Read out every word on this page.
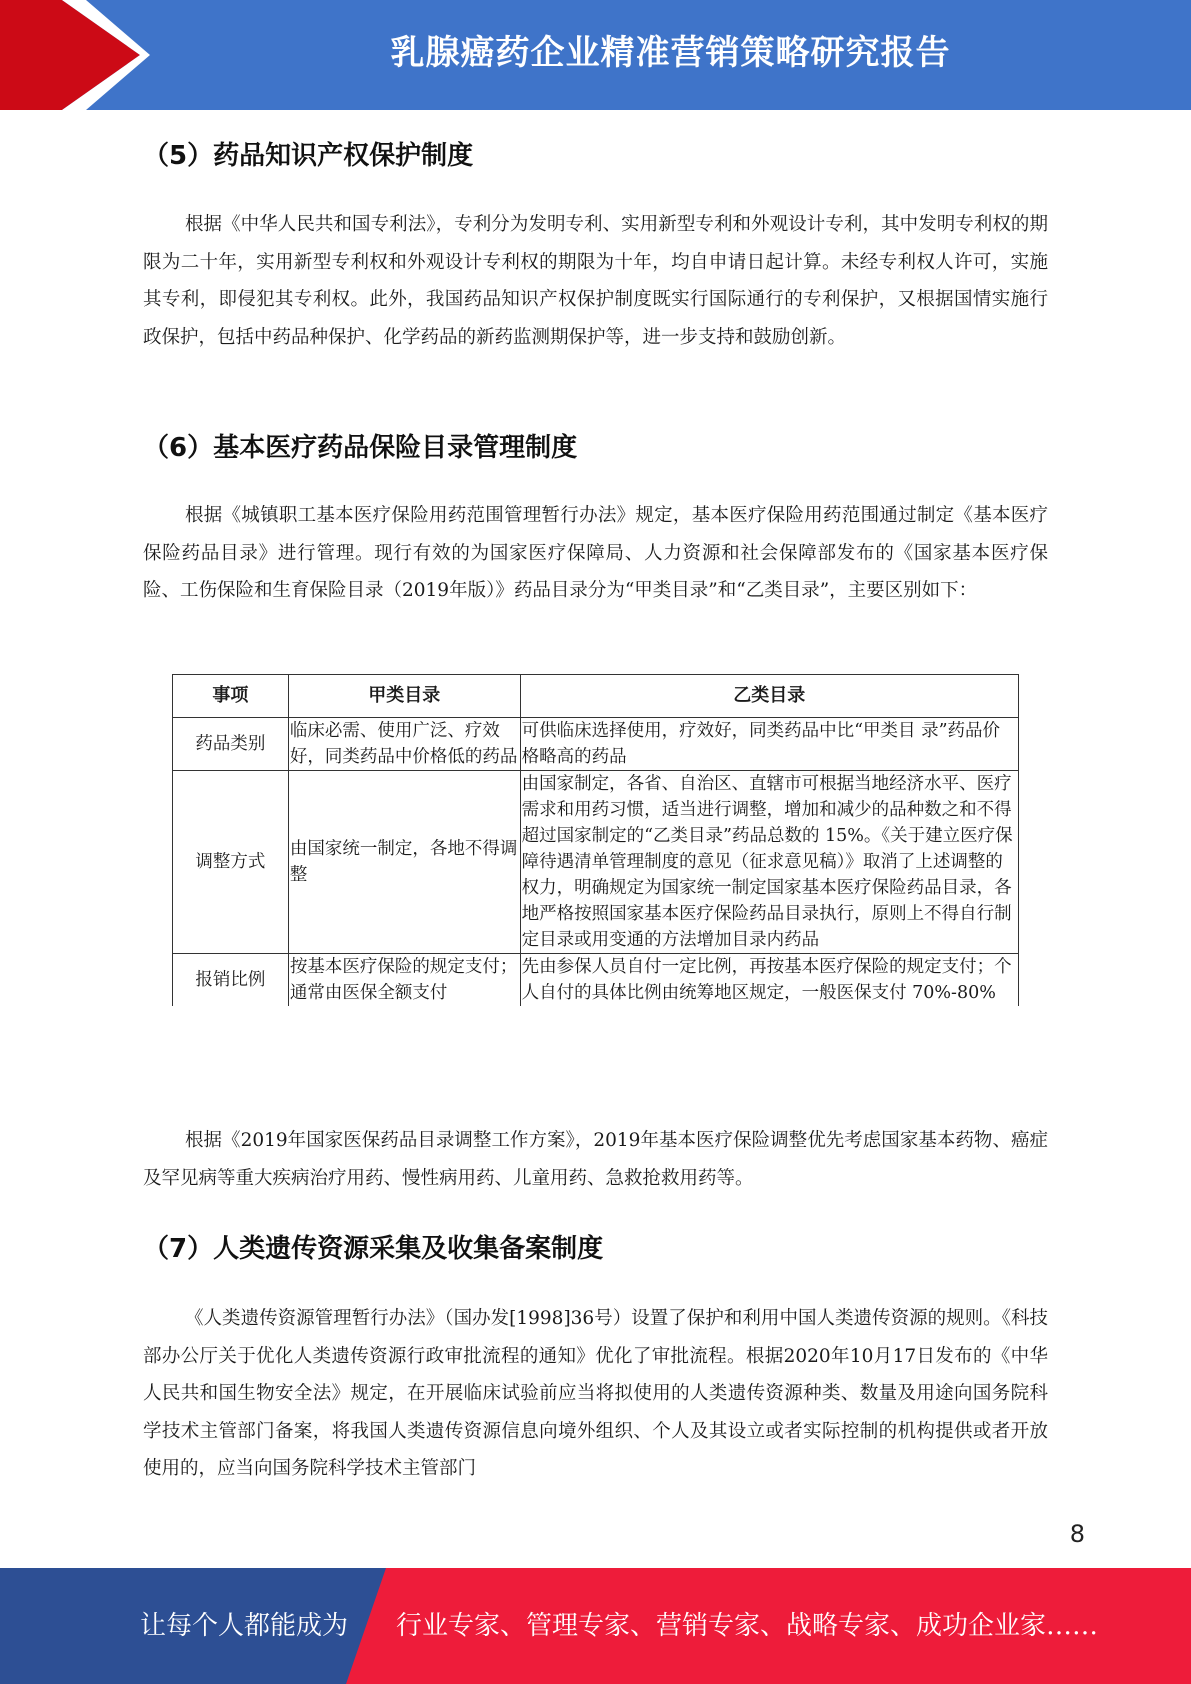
乳腺癌药企业精准营销策略研究报告
（5）药品知识产权保护制度

根据《中华人民共和国专利法》，专利分为发明专利、实用新型专利和外观设计专利，其中发明专利权的期限为二十年，实用新型专利权和外观设计专利权的期限为十年，均自申请日起计算。未经专利权人许可，实施其专利，即侵犯其专利权。此外，我国药品知识产权保护制度既实行国际通行的专利保护，又根据国情实施行政保护，包括中药品种保护、化学药品的新药监测期保护等，进一步支持和鼓励创新。

（6）基本医疗药品保险目录管理制度

根据《城镇职工基本医疗保险用药范围管理暂行办法》规定，基本医疗保险用药范围通过制定《基本医疗保险药品目录》进行管理。现行有效的为国家医疗保障局、人力资源和社会保障部发布的《国家基本医疗保险、工伤保险和生育保险目录（2019年版）》药品目录分为“甲类目录”和“乙类目录”，主要区别如下：

事项	甲类目录	乙类目录
药品类别	临床必需、使用广泛、疗效好，同类药品中价格低的药品	可供临床选择使用，疗效好，同类药品中比“甲类目 录”药品价格略高的药品
调整方式	由国家统一制定，各地不得调整	由国家制定，各省、自治区、直辖市可根据当地经济水平、医疗需求和用药习惯，适当进行调整，增加和减少的品种数之和不得超过国家制定的“乙类目录”药品总数的 15%。《关于建立医疗保障待遇清单管理制度的意见（征求意见稿）》取消了上述调整的权力，明确规定为国家统一制定国家基本医疗保险药品目录，各地严格按照国家基本医疗保险药品目录执行，原则上不得自行制定目录或用变通的方法增加目录内药品
报销比例	按基本医疗保险的规定支付；通常由医保全额支付	先由参保人员自付一定比例，再按基本医疗保险的规定支付；个人自付的具体比例由统筹地区规定，一般医保支付 70%-80%

根据《2019年国家医保药品目录调整工作方案》，2019年基本医疗保险调整优先考虑国家基本药物、癌症及罕见病等重大疾病治疗用药、慢性病用药、儿童用药、急救抢救用药等。

（7）人类遗传资源采集及收集备案制度

《人类遗传资源管理暂行办法》（国办发[1998]36号）设置了保护和利用中国人类遗传资源的规则。《科技部办公厅关于优化人类遗传资源行政审批流程的通知》优化了审批流程。根据2020年10月17日发布的《中华人民共和国生物安全法》规定，在开展临床试验前应当将拟使用的人类遗传资源种类、数量及用途向国务院科学技术主管部门备案，将我国人类遗传资源信息向境外组织、个人及其设立或者实际控制的机构提供或者开放使用的，应当向国务院科学技术主管部门

8
让每个人都能成为 行业专家、管理专家、营销专家、战略专家、成功企业家……
